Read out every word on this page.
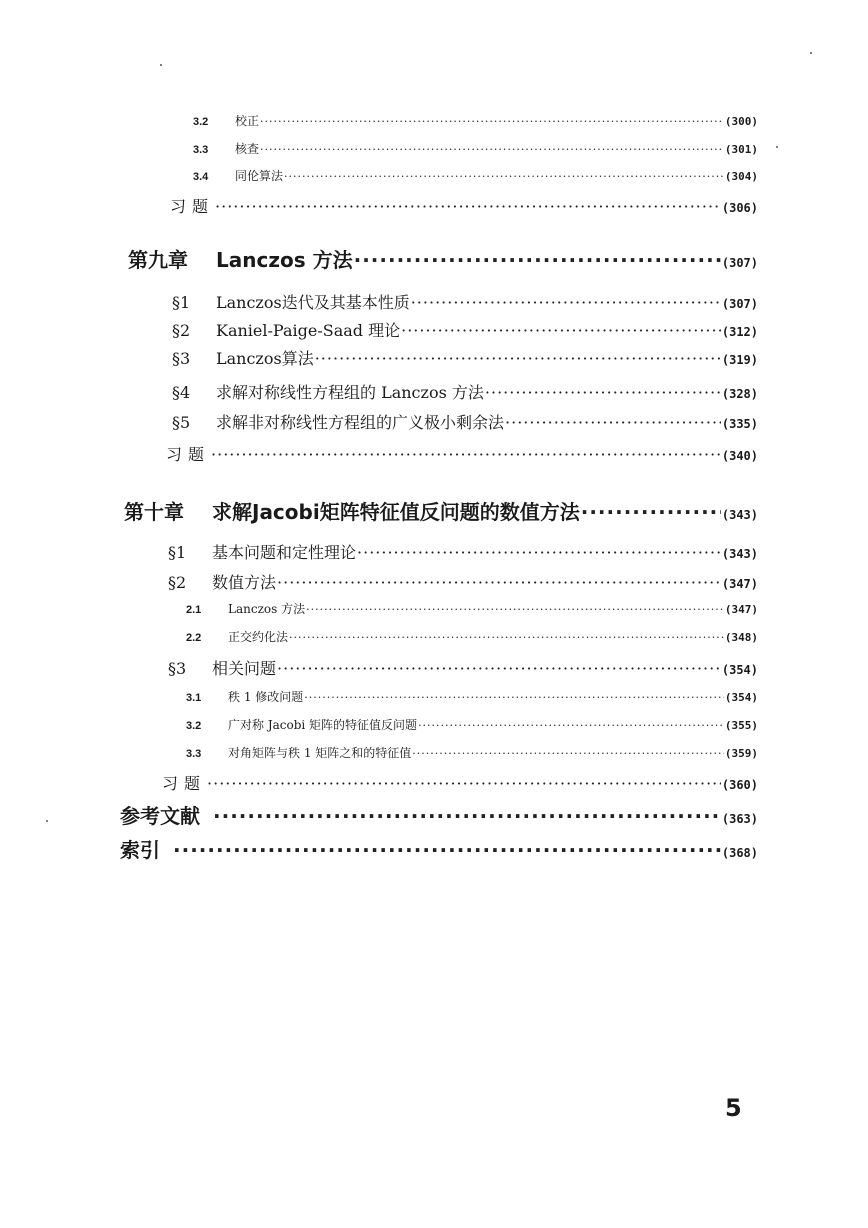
3.2	校正 ·····	(300)
3.3	核查 ·····	(301)
3.4	同伦算法 ·····	(304)
习题 ·····	(306)
第九章 Lanczos 方法 ·····	(307)
§1	Lanczos迭代及其基本性质 ·····	(307)
§2	Kaniel-Paige-Saad 理论 ·····	(312)
§3	Lanczos算法 ·····	(319)
§4	求解对称线性方程组的 Lanczos 方法 ·····	(328)
§5	求解非对称线性方程组的广义极小剩余法 ·····	(335)
习题 ·····	(340)
第十章 求解Jacobi矩阵特征值反问题的数值方法 ·····	(343)
§1	基本问题和定性理论 ·····	(343)
§2	数值方法 ·····	(347)
2.1	Lanczos 方法 ·····	(347)
2.2	正交约化法 ·····	(348)
§3	相关问题 ·····	(354)
3.1	秩 1 修改问题 ·····	(354)
3.2	广对称 Jacobi 矩阵的特征值反问题 ·····	(355)
3.3	对角矩阵与秩 1 矩阵之和的特征值 ·····	(359)
习题 ·····	(360)
参考文献 ·····	(363)
索引 ·····	(368)
5
